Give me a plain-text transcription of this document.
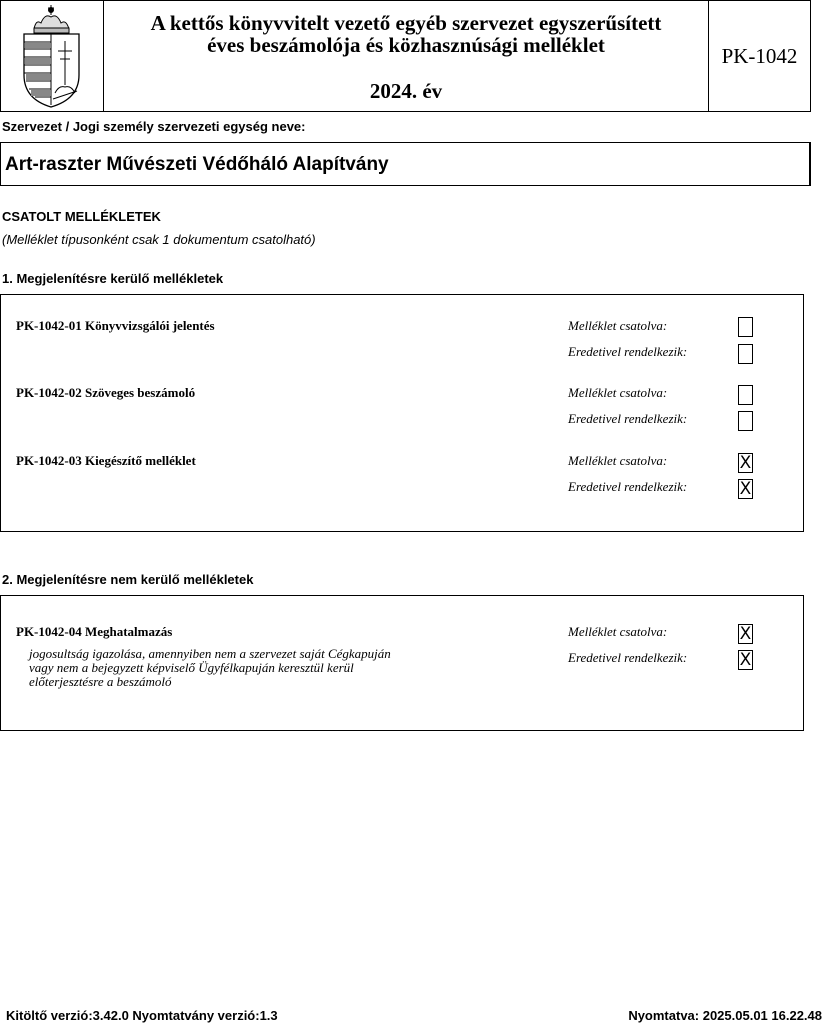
A kettős könyvvitelt vezető egyéb szervezet egyszerűsített
éves beszámolója és közhasznúsági melléklet
2024. év
PK-1042
Szervezet / Jogi személy szervezeti egység neve:
Art-raszter Művészeti Védőháló Alapítvány
CSATOLT MELLÉKLETEK
(Melléklet típusonként csak 1 dokumentum csatolható)
1. Megjelenítésre kerülő mellékletek
PK-1042-01 Könyvvizsgálói jelentés	Melléklet csatolva:
Eredetivel rendelkezik:
PK-1042-02 Szöveges beszámoló	Melléklet csatolva:
Eredetivel rendelkezik:
PK-1042-03 Kiegészítő melléklet	Melléklet csatolva:	X
Eredetivel rendelkezik:	X
2. Megjelenítésre nem kerülő mellékletek
PK-1042-04 Meghatalmazás
jogosultság igazolása, amennyiben nem a szervezet saját Cégkapuján
vagy nem a bejegyzett képviselő Ügyfélkapuján keresztül kerül
előterjesztésre a beszámoló
Melléklet csatolva:	X
Eredetivel rendelkezik:	X
Kitöltő verzió:3.42.0 Nyomtatvány verzió:1.3	Nyomtatva: 2025.05.01 16.22.48
